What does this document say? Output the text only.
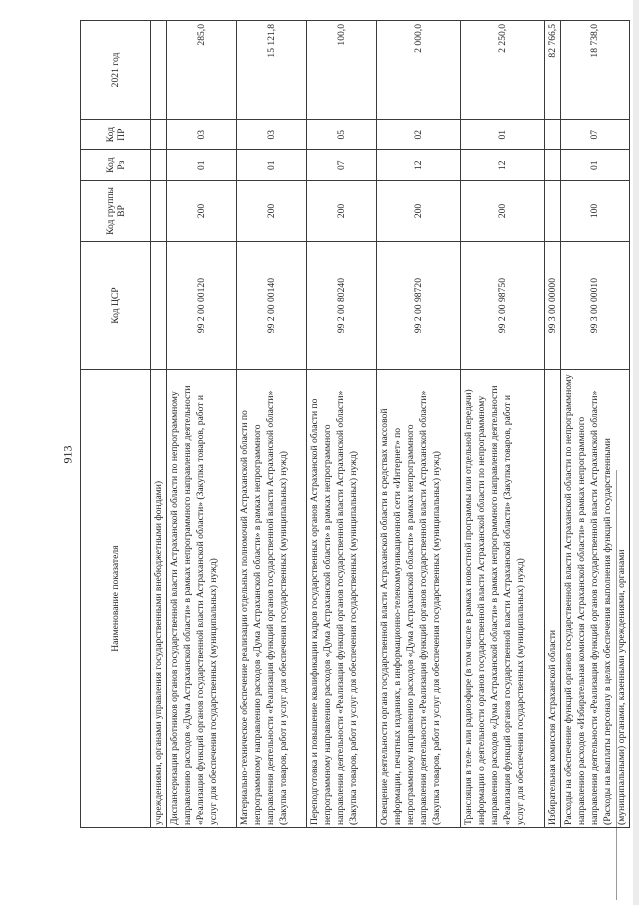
913
Наименование показателя	Код ЦСР	Код группы ВР	Код Рз	Код ПР	2021 год
учреждениями, органами управления государственными внебюджетными фондами)					
Диспансеризация работников органов государственной власти Астраханской области по непрограммному направлению расходов «Дума Астраханской области» в рамках непрограммного направления деятельности «Реализация функций органов государственной власти Астраханской области» (Закупка товаров, работ и услуг для обеспечения государственных (муниципальных) нужд)	99 2 00 00120	200	01	03	285,0
Материально-техническое обеспечение реализации отдельных полномочий Астраханской области по непрограммному направлению расходов «Дума Астраханской области» в рамках непрограммного направления деятельности «Реализация функций органов государственной власти Астраханской области» (Закупка товаров, работ и услуг для обеспечения государственных (муниципальных) нужд)	99 2 00 00140	200	01	03	15 121,8
Переподготовка и повышение квалификации кадров государственных органов Астраханской области по непрограммному направлению расходов «Дума Астраханской области» в рамках непрограммного направления деятельности «Реализация функций органов государственной власти Астраханской области» (Закупка товаров, работ и услуг для обеспечения государственных (муниципальных) нужд)	99 2 00 80240	200	07	05	100,0
Освещение деятельности органа государственной власти Астраханской области в средствах массовой информации, печатных изданиях, в информационно-телекоммуникационной сети «Интернет» по непрограммному направлению расходов «Дума Астраханской области» в рамках непрограммного направления деятельности «Реализация функций органов государственной власти Астраханской области» (Закупка товаров, работ и услуг для обеспечения государственных (муниципальных) нужд)	99 2 00 98720	200	12	02	2 000,0
Трансляция в теле- или радиоэфире (в том числе в рамках новостной программы или отдельной передачи) информации о деятельности органов государственной власти Астраханской области по непрограммному направлению расходов «Дума Астраханской области» в рамках непрограммного направления деятельности «Реализация функций органов государственной власти Астраханской области» (Закупка товаров, работ и услуг для обеспечения государственных (муниципальных) нужд)	99 2 00 98750	200	12	01	2 250,0
Избирательная комиссия Астраханской области	99 3 00 00000				82 766,5
Расходы на обеспечение функций органов государственной власти Астраханской области по непрограммному направлению расходов «Избирательная комиссия Астраханской области» в рамках непрограммного направления деятельности «Реализация функций органов государственной власти Астраханской области» (Расходы на выплаты персоналу в целях обеспечения выполнения функций государственными (муниципальными) органами, казенными учреждениями, органами	99 3 00 00010	100	01	07	18 738,0
